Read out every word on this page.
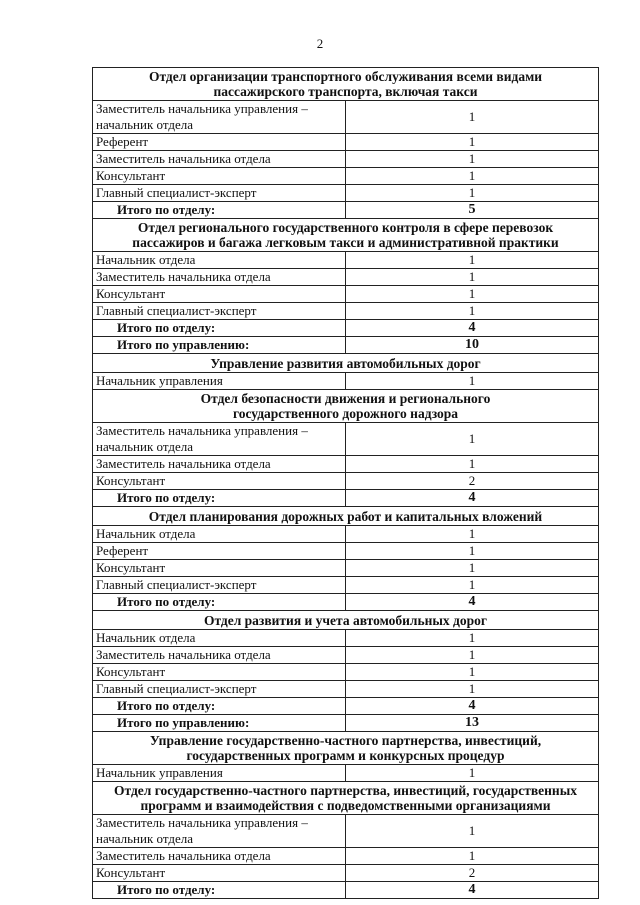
2
Отдел организации транспортного обслуживания всеми видами
пассажирского транспорта, включая такси	

Заместитель начальника управления – начальник отдела	1
Референт	1
Заместитель начальника отдела	1
Консультант	1
Главный специалист-эксперт	1
Итого по отделу:	5

Отдел регионального государственного контроля в сфере перевозок
пассажиров и багажа легковым такси и административной практики	

Начальник отдела	1
Заместитель начальника отдела	1
Консультант	1
Главный специалист-эксперт	1
Итого по отделу:	4
Итого по управлению:	10

Управление развития автомобильных дорог	

Начальник управления	1

Отдел безопасности движения и регионального
государственного дорожного надзора	

Заместитель начальника управления – начальник отдела	1
Заместитель начальника отдела	1
Консультант	2
Итого по отделу:	4

Отдел планирования дорожных работ и капитальных вложений	

Начальник отдела	1
Референт	1
Консультант	1
Главный специалист-эксперт	1
Итого по отделу:	4

Отдел развития и учета автомобильных дорог	

Начальник отдела	1
Заместитель начальника отдела	1
Консультант	1
Главный специалист-эксперт	1
Итого по отделу:	4
Итого по управлению:	13

Управление государственно-частного партнерства, инвестиций,
государственных программ и конкурсных процедур	

Начальник управления	1

Отдел государственно-частного партнерства, инвестиций, государственных
программ и взаимодействия с подведомственными организациями	

Заместитель начальника управления – начальник отдела	1
Заместитель начальника отдела	1
Консультант	2
Итого по отделу:	4
